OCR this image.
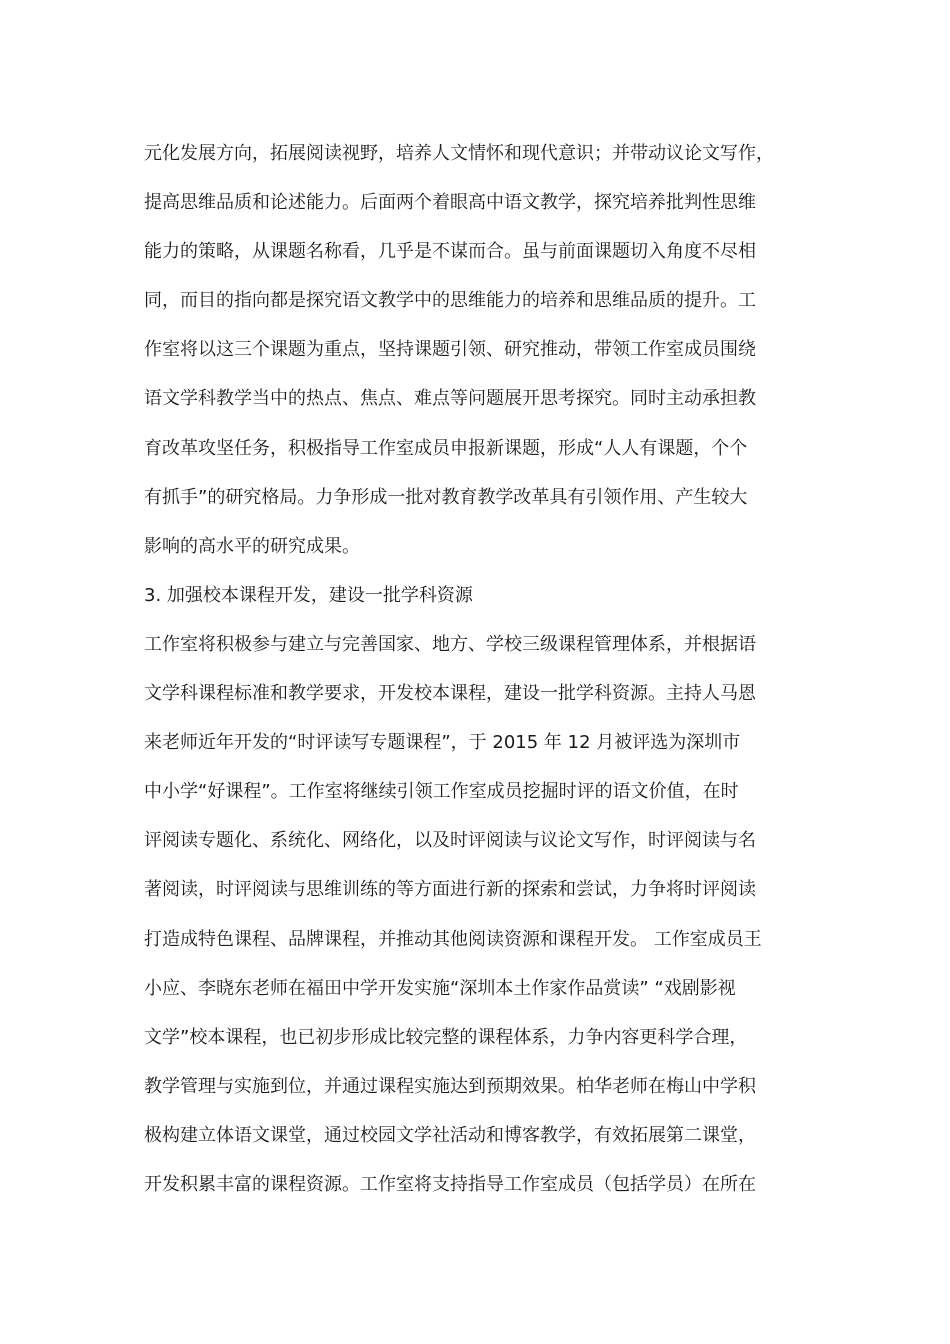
元化发展方向，拓展阅读视野，培养人文情怀和现代意识；并带动议论文写作，
提高思维品质和论述能力。后面两个着眼高中语文教学，探究培养批判性思维
能力的策略，从课题名称看，几乎是不谋而合。虽与前面课题切入角度不尽相
同，而目的指向都是探究语文教学中的思维能力的培养和思维品质的提升。工
作室将以这三个课题为重点，坚持课题引领、研究推动，带领工作室成员围绕
语文学科教学当中的热点、焦点、难点等问题展开思考探究。同时主动承担教
育改革攻坚任务，积极指导工作室成员申报新课题，形成“人人有课题，个个
有抓手”的研究格局。力争形成一批对教育教学改革具有引领作用、产生较大
影响的高水平的研究成果。
3. 加强校本课程开发，建设一批学科资源
工作室将积极参与建立与完善国家、地方、学校三级课程管理体系，并根据语
文学科课程标准和教学要求，开发校本课程，建设一批学科资源。主持人马恩
来老师近年开发的“时评读写专题课程”，于 2015 年 12 月被评选为深圳市
中小学“好课程”。工作室将继续引领工作室成员挖掘时评的语文价值，在时
评阅读专题化、系统化、网络化，以及时评阅读与议论文写作，时评阅读与名
著阅读，时评阅读与思维训练的等方面进行新的探索和尝试，力争将时评阅读
打造成特色课程、品牌课程，并推动其他阅读资源和课程开发。 工作室成员王
小应、李晓东老师在福田中学开发实施“深圳本土作家作品赏读” “戏剧影视
文学”校本课程，也已初步形成比较完整的课程体系，力争内容更科学合理，
教学管理与实施到位，并通过课程实施达到预期效果。柏华老师在梅山中学积
极构建立体语文课堂，通过校园文学社活动和博客教学，有效拓展第二课堂，
开发积累丰富的课程资源。工作室将支持指导工作室成员（包括学员）在所在
